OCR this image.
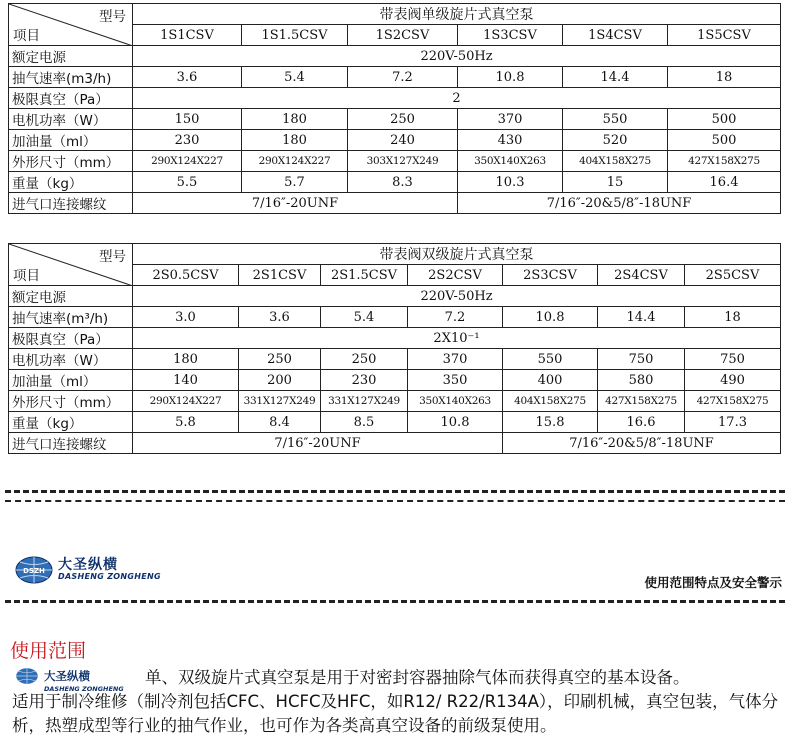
型号
项目	带表阀单级旋片式真空泵					
	1S1CSV	1S1.5CSV	1S2CSV	1S3CSV	1S4CSV	1S5CSV
额定电源	220V-50Hz					
抽气速率(m3/h)	3.6	5.4	7.2	10.8	14.4	18
极限真空（Pa）	2					
电机功率（W）	150	180	250	370	550	500
加油量（ml）	230	180	240	430	520	500
外形尺寸（mm）	290X124X227	290X124X227	303X127X249	350X140X263	404X158X275	427X158X275
重量（kg）	5.5	5.7	8.3	10.3	15	16.4
进气口连接螺纹	7/16″-20UNF			7/16″-20&5/8″-18UNF		
型号
项目	带表阀双级旋片式真空泵						
	2S0.5CSV	2S1CSV	2S1.5CSV	2S2CSV	2S3CSV	2S4CSV	2S5CSV
额定电源	220V-50Hz						
抽气速率(m³/h)	3.0	3.6	5.4	7.2	10.8	14.4	18
极限真空（Pa）	2X10⁻¹						
电机功率（W）	180	250	250	370	550	750	750
加油量（ml）	140	200	230	350	400	580	490
外形尺寸（mm）	290X124X227	331X127X249	331X127X249	350X140X263	404X158X275	427X158X275	427X158X275
重量（kg）	5.8	8.4	8.5	10.8	15.8	16.6	17.3
进气口连接螺纹	7/16″-20UNF				7/16″-20&5/8″-18UNF		
DSZH 大圣纵横
DASHENG ZONGHENG	使用范围特点及安全警示
使用范围
大圣纵横
DASHENG ZONGHENG
单、双级旋片式真空泵是用于对密封容器抽除气体而获得真空的基本设备。
适用于制冷维修（制冷剂包括CFC、HCFC及HFC，如R12/ R22/R134A），印刷机械，真空包装，气体分析，热塑成型等行业的抽气作业，也可作为各类高真空设备的前级泵使用。
